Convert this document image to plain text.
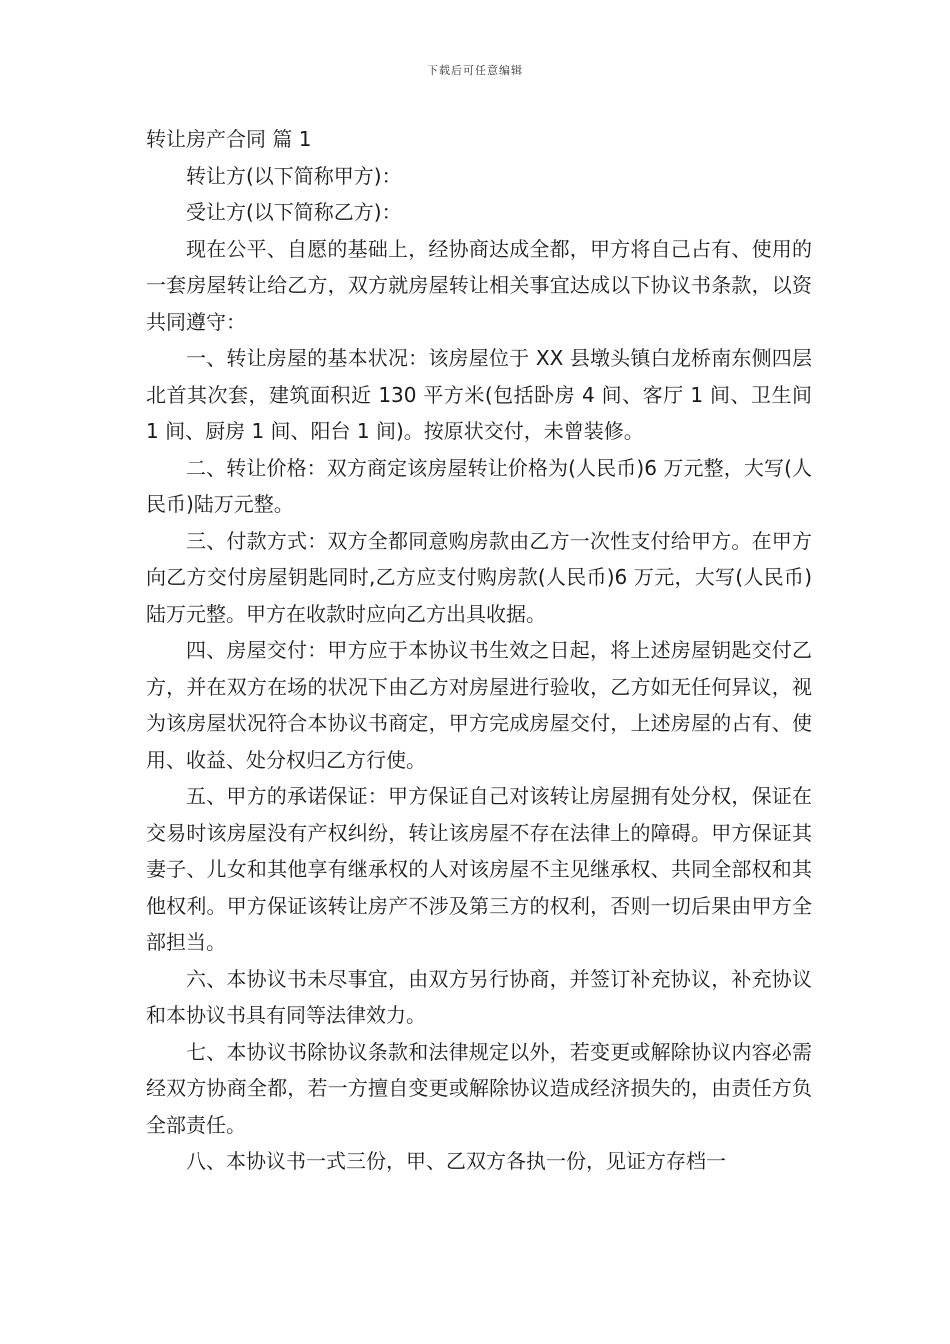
下载后可任意编辑
转让房产合同 篇 1

转让方(以下简称甲方)：

受让方(以下简称乙方)：

现在公平、自愿的基础上，经协商达成全都，甲方将自己占有、使用的一套房屋转让给乙方，双方就房屋转让相关事宜达成以下协议书条款，以资共同遵守：

一、转让房屋的基本状况：该房屋位于 XX 县墩头镇白龙桥南东侧四层北首其次套，建筑面积近 130 平方米(包括卧房 4 间、客厅 1 间、卫生间 1 间、厨房 1 间、阳台 1 间)。按原状交付，未曾装修。

二、转让价格：双方商定该房屋转让价格为(人民币)6 万元整，大写(人民币)陆万元整。

三、付款方式：双方全都同意购房款由乙方一次性支付给甲方。在甲方向乙方交付房屋钥匙同时,乙方应支付购房款(人民币)6 万元，大写(人民币)陆万元整。甲方在收款时应向乙方出具收据。

四、房屋交付：甲方应于本协议书生效之日起，将上述房屋钥匙交付乙方，并在双方在场的状况下由乙方对房屋进行验收，乙方如无任何异议，视为该房屋状况符合本协议书商定，甲方完成房屋交付，上述房屋的占有、使用、收益、处分权归乙方行使。

五、甲方的承诺保证：甲方保证自己对该转让房屋拥有处分权，保证在交易时该房屋没有产权纠纷，转让该房屋不存在法律上的障碍。甲方保证其妻子、儿女和其他享有继承权的人对该房屋不主见继承权、共同全部权和其他权利。甲方保证该转让房产不涉及第三方的权利，否则一切后果由甲方全部担当。

六、本协议书未尽事宜，由双方另行协商，并签订补充协议，补充协议和本协议书具有同等法律效力。

七、本协议书除协议条款和法律规定以外，若变更或解除协议内容必需经双方协商全都，若一方擅自变更或解除协议造成经济损失的，由责任方负全部责任。

八、本协议书一式三份，甲、乙双方各执一份，见证方存档一
